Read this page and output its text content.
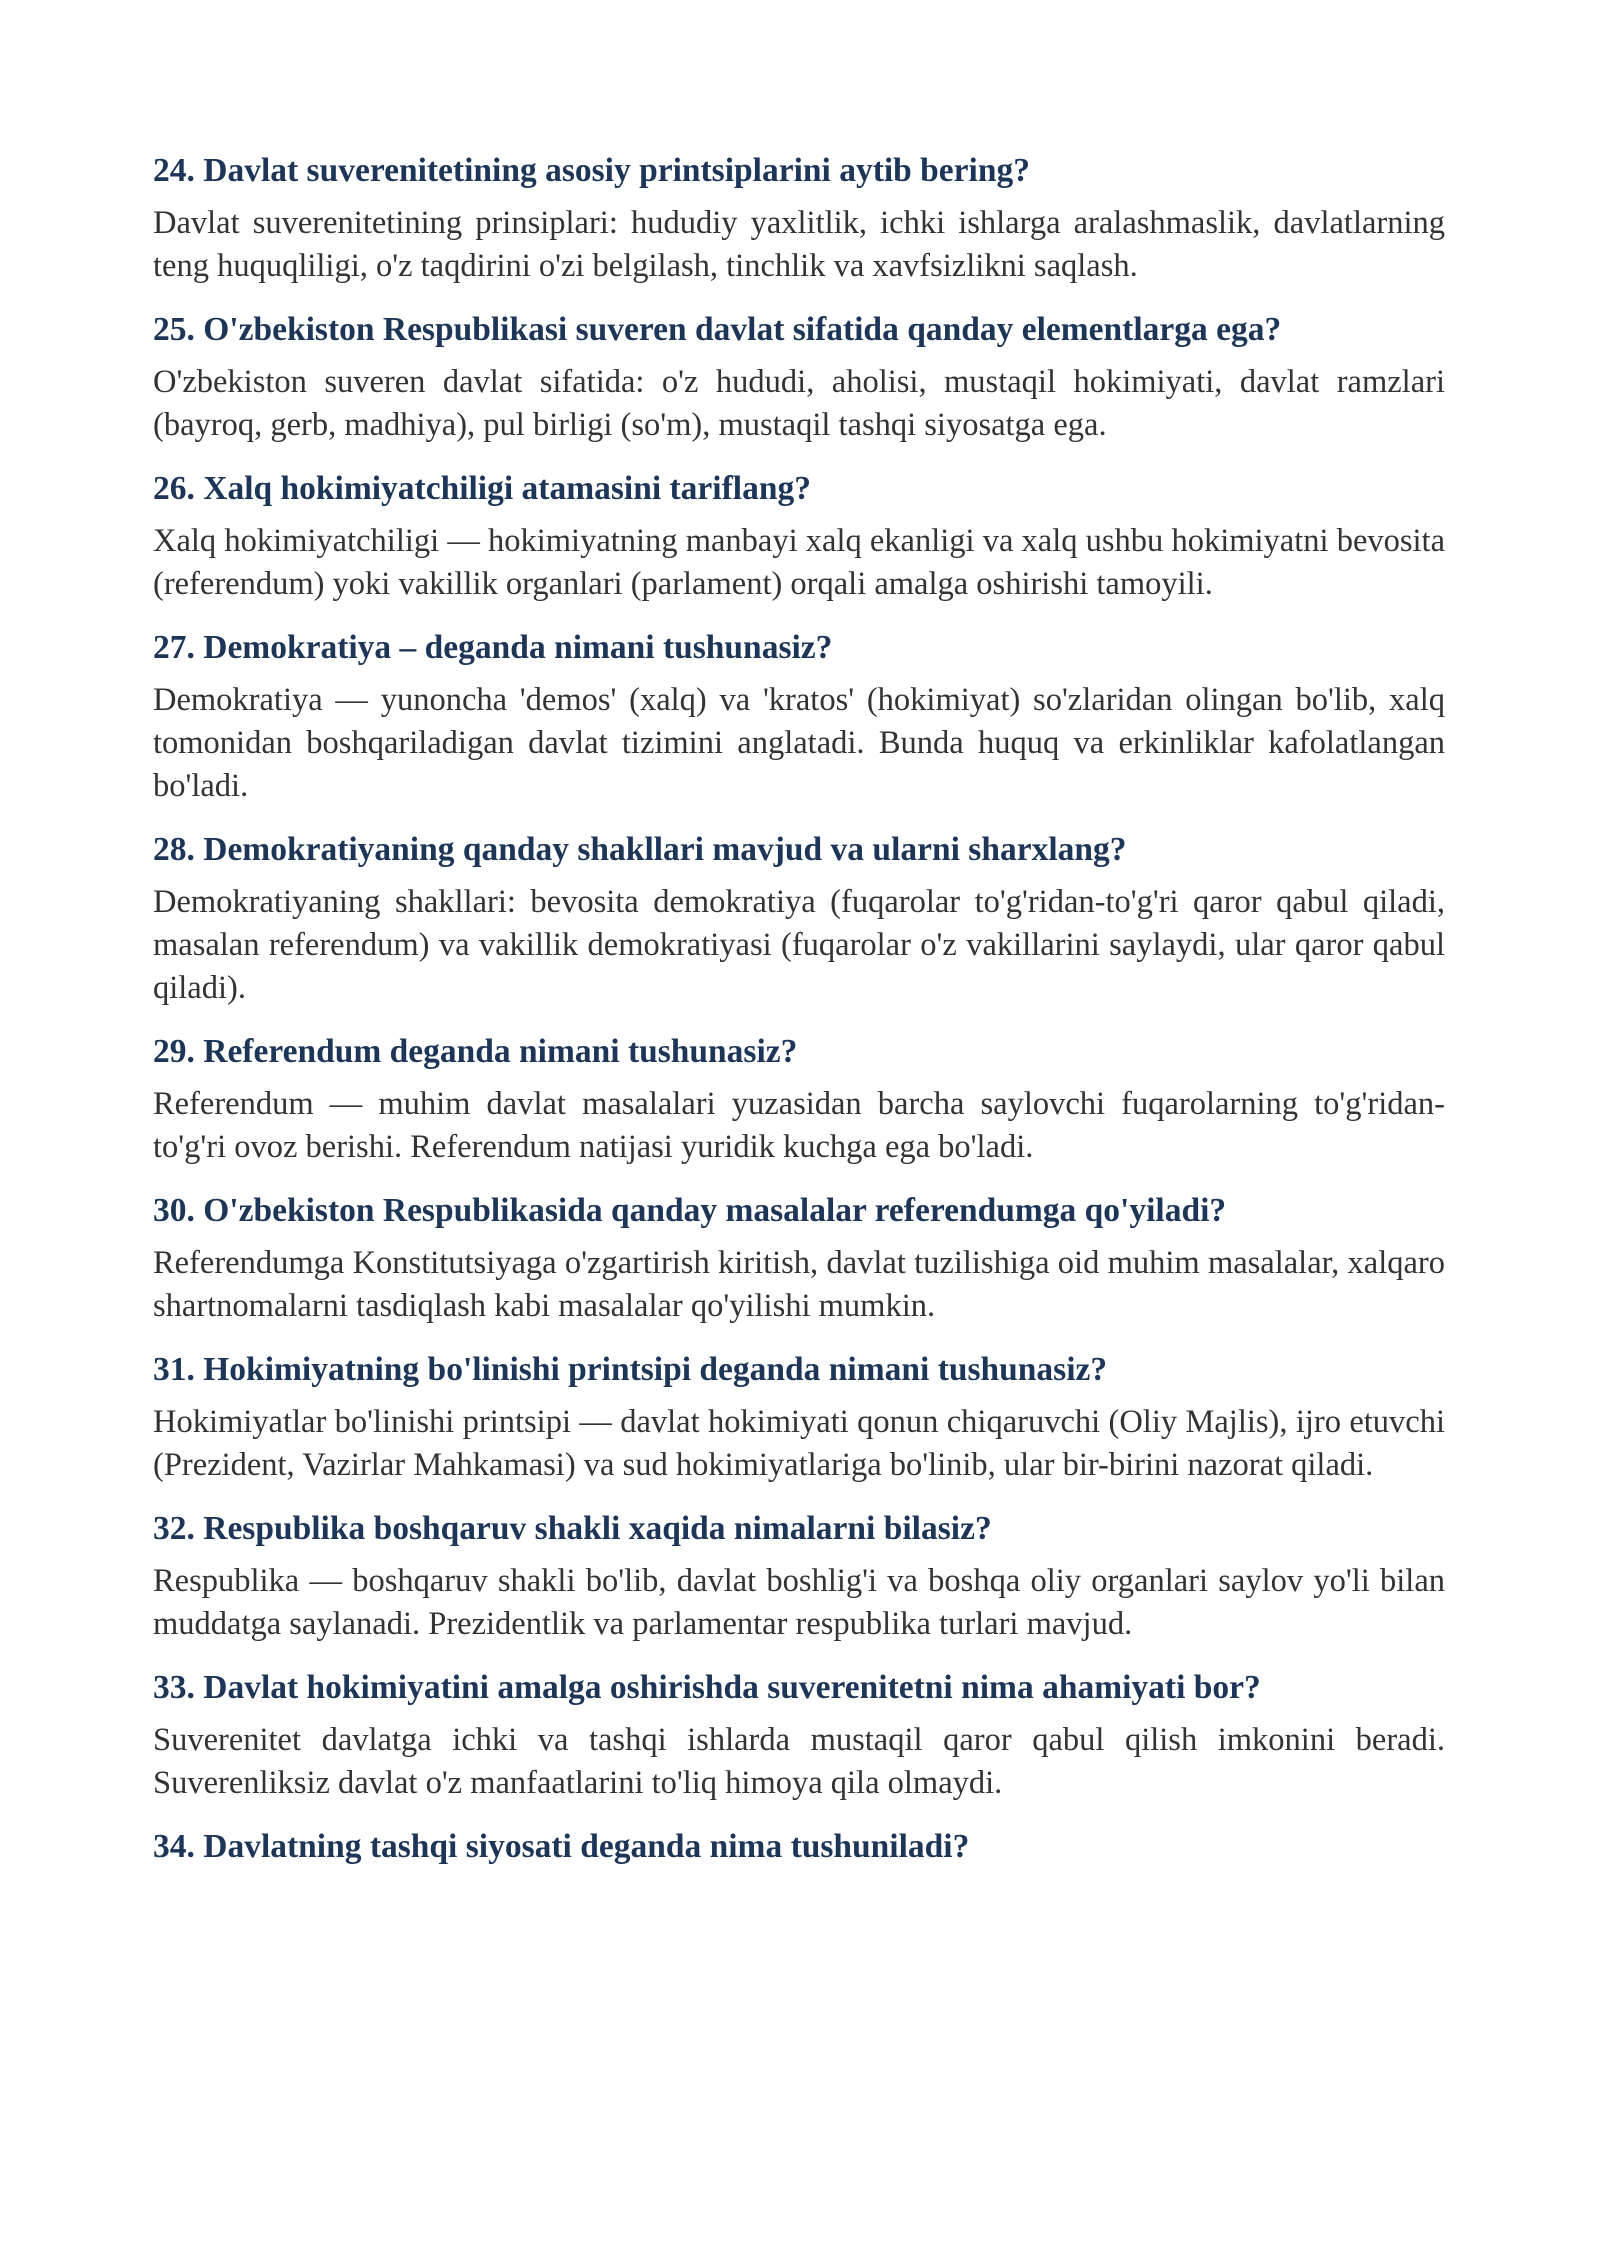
24. Davlat suverenitetining asosiy printsiplarini aytib bering?

Davlat suverenitetining prinsiplari: hududiy yaxlitlik, ichki ishlarga aralashmaslik, davlatlarning teng huquqliligi, o'z taqdirini o'zi belgilash, tinchlik va xavfsizlikni saqlash.

25. O'zbekiston Respublikasi suveren davlat sifatida qanday elementlarga ega?

O'zbekiston suveren davlat sifatida: o'z hududi, aholisi, mustaqil hokimiyati, davlat ramzlari (bayroq, gerb, madhiya), pul birligi (so'm), mustaqil tashqi siyosatga ega.

26. Xalq hokimiyatchiligi atamasini tariflang?

Xalq hokimiyatchiligi — hokimiyatning manbayi xalq ekanligi va xalq ushbu hokimiyatni bevosita (referendum) yoki vakillik organlari (parlament) orqali amalga oshirishi tamoyili.

27. Demokratiya – deganda nimani tushunasiz?

Demokratiya — yunoncha 'demos' (xalq) va 'kratos' (hokimiyat) so'zlaridan olingan bo'lib, xalq tomonidan boshqariladigan davlat tizimini anglatadi. Bunda huquq va erkinliklar kafolatlangan bo'ladi.

28. Demokratiyaning qanday shakllari mavjud va ularni sharxlang?

Demokratiyaning shakllari: bevosita demokratiya (fuqarolar to'g'ridan-to'g'ri qaror qabul qiladi, masalan referendum) va vakillik demokratiyasi (fuqarolar o'z vakillarini saylaydi, ular qaror qabul qiladi).

29. Referendum deganda nimani tushunasiz?

Referendum — muhim davlat masalalari yuzasidan barcha saylovchi fuqarolarning to'g'ridan-to'g'ri ovoz berishi. Referendum natijasi yuridik kuchga ega bo'ladi.

30. O'zbekiston Respublikasida qanday masalalar referendumga qo'yiladi?

Referendumga Konstitutsiyaga o'zgartirish kiritish, davlat tuzilishiga oid muhim masalalar, xalqaro shartnomalarni tasdiqlash kabi masalalar qo'yilishi mumkin.

31. Hokimiyatning bo'linishi printsipi deganda nimani tushunasiz?

Hokimiyatlar bo'linishi printsipi — davlat hokimiyati qonun chiqaruvchi (Oliy Majlis), ijro etuvchi (Prezident, Vazirlar Mahkamasi) va sud hokimiyatlariga bo'linib, ular bir-birini nazorat qiladi.

32. Respublika boshqaruv shakli xaqida nimalarni bilasiz?

Respublika — boshqaruv shakli bo'lib, davlat boshlig'i va boshqa oliy organlari saylov yo'li bilan muddatga saylanadi. Prezidentlik va parlamentar respublika turlari mavjud.

33. Davlat hokimiyatini amalga oshirishda suverenitetni nima ahamiyati bor?

Suverenitet davlatga ichki va tashqi ishlarda mustaqil qaror qabul qilish imkonini beradi. Suverenliksiz davlat o'z manfaatlarini to'liq himoya qila olmaydi.

34. Davlatning tashqi siyosati deganda nima tushuniladi?
